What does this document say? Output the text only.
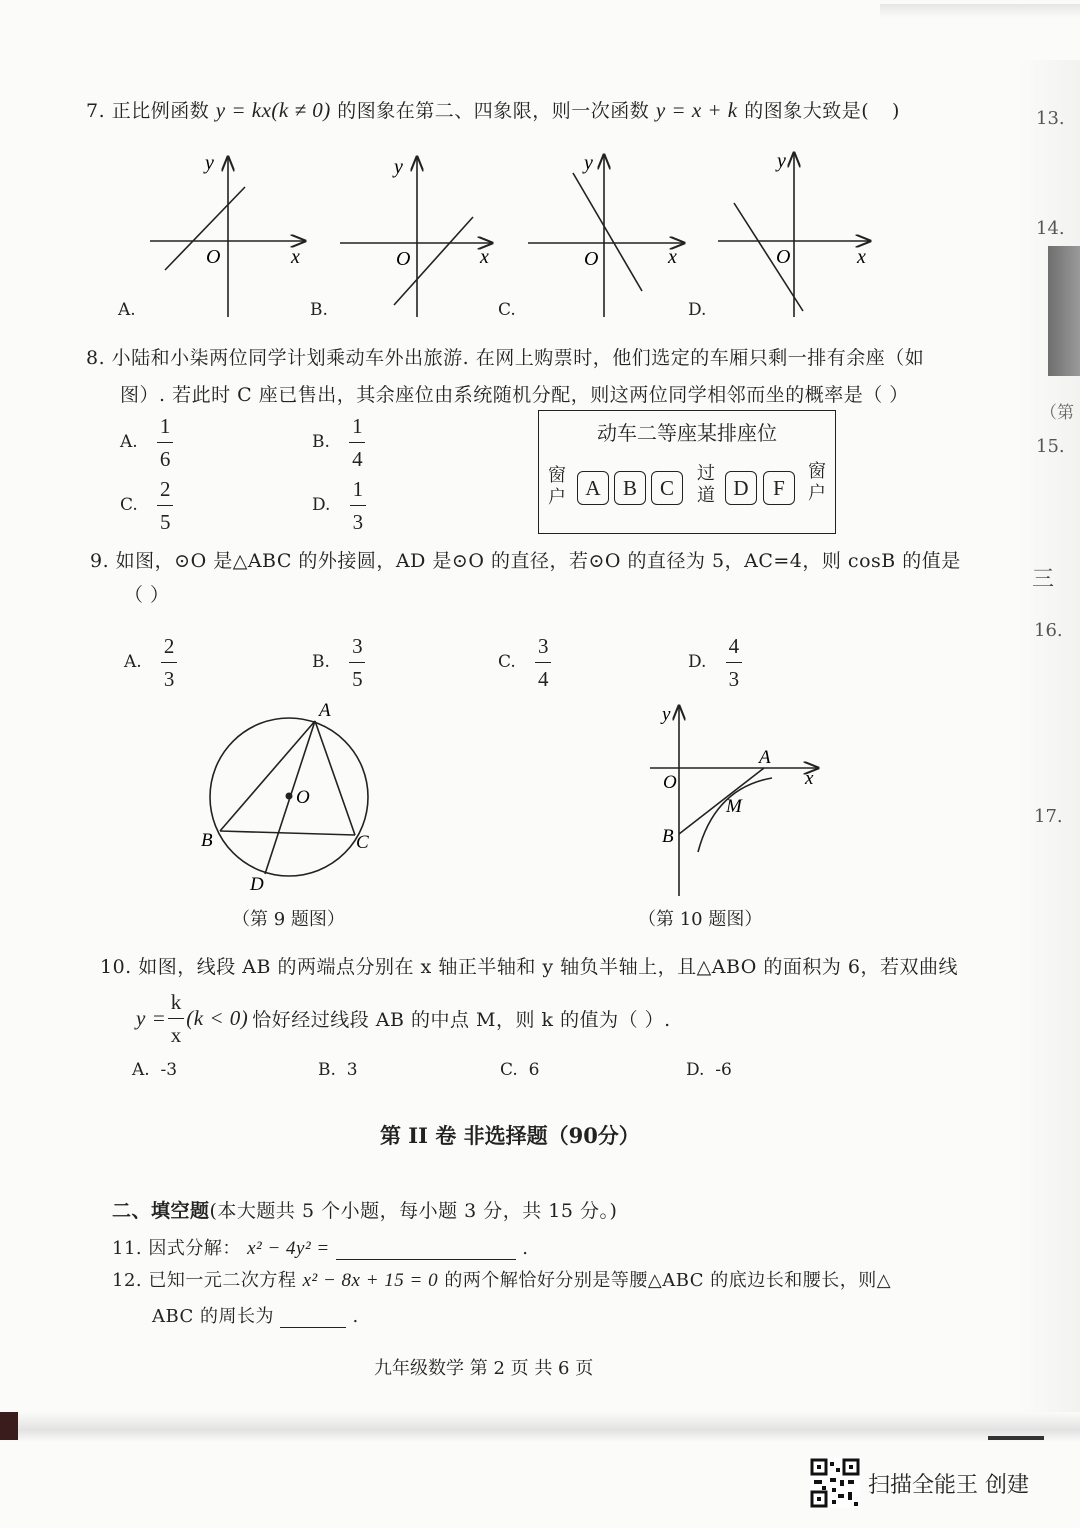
7. 正比例函数 y = kx(k ≠ 0) 的图象在第二、四象限，则一次函数 y = x + k 的图象大致是( )
y
x
O
y
x
O
y
x
O
y
x
O
A.	B.	C.	D.
8. 小陆和小柒两位同学计划乘动车外出旅游. 在网上购票时，他们选定的车厢只剩一排有余座（如
图）. 若此时 C 座已售出，其余座位由系统随机分配，则这两位同学相邻而坐的概率是（ ）
A. $\frac{1}{6}$	B. $\frac{1}{4}$
C. $\frac{2}{5}$	D. $\frac{1}{3}$
动车二等座某排座位
窗户 A	B	C
过道 D	F
窗户
9. 如图，⊙O 是△ABC 的外接圆，AD 是⊙O 的直径，若⊙O 的直径为 5，AC=4，则 cosB 的值是
（ ）
A. $\frac{2}{3}$	B. $\frac{3}{5}$	C. $\frac{3}{4}$	D. $\frac{4}{3}$
A
B	C
D
O
（第 9 题图）
y
x
O
A
B
M
（第 10 题图）
10. 如图，线段 AB 的两端点分别在 x 轴正半轴和 y 轴负半轴上，且△ABO 的面积为 6，若双曲线
$y = \frac{k}{x} (k < 0)$ 恰好经过线段 AB 的中点 M，则 k 的值为（ ）.
A. -3	B. 3	C. 6	D. -6
第 II 卷 非选择题（90分）
二、填空题(本大题共 5 个小题，每小题 3 分，共 15 分。)
11. 因式分解： x² − 4y² =	.
12. 已知一元二次方程 x² − 8x + 15 = 0 的两个解恰好分别是等腰△ABC 的底边长和腰长，则△
ABC 的周长为	.
九年级数学 第 2 页 共 6 页
13.
14.
（第
15.
三
16.
17.
扫描全能王 创建
